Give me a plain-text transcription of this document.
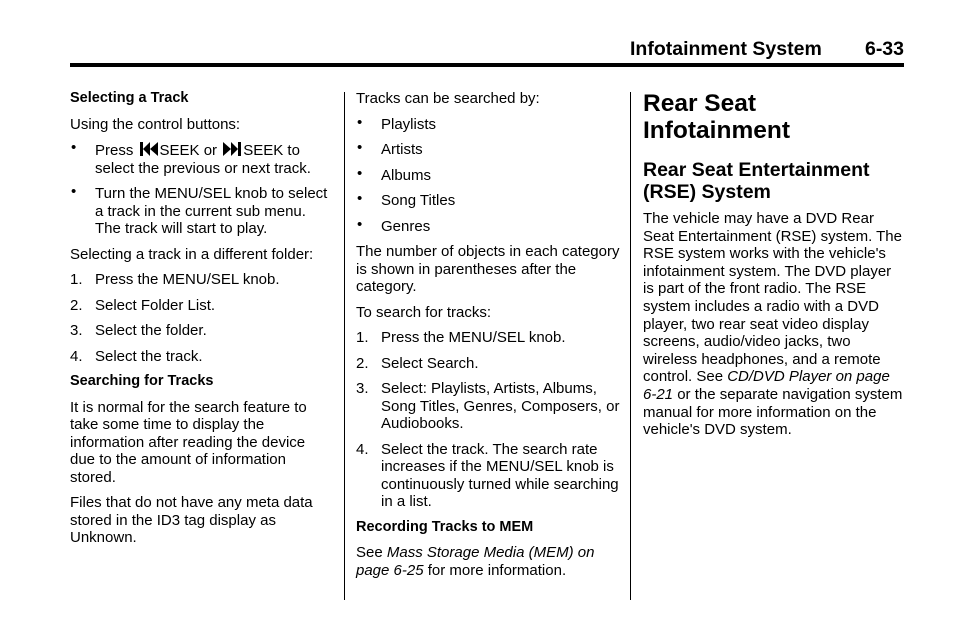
Infotainment System 6-33
Selecting a Track

Using the control buttons:

• Press SEEK or SEEK to select the previous or next track.
• Turn the MENU/SEL knob to select a track in the current sub menu. The track will start to play.

Selecting a track in a different folder:

1. Press the MENU/SEL knob.
2. Select Folder List.
3. Select the folder.
4. Select the track.
Searching for Tracks

It is normal for the search feature to take some time to display the information after reading the device due to the amount of information stored.

Files that do not have any meta data stored in the ID3 tag display as Unknown.

Tracks can be searched by:

• Playlists
• Artists
• Albums
• Song Titles
• Genres

The number of objects in each category is shown in parentheses after the category.

To search for tracks:

1. Press the MENU/SEL knob.
2. Select Search.
3. Select: Playlists, Artists, Albums, Song Titles, Genres, Composers, or Audiobooks.
4. Select the track. The search rate increases if the MENU/SEL knob is continuously turned while searching in a list.
Recording Tracks to MEM

See Mass Storage Media (MEM) on page 6-25 for more information.

Rear Seat Infotainment
Rear Seat Entertainment (RSE) System

The vehicle may have a DVD Rear Seat Entertainment (RSE) system. The RSE system works with the vehicle's infotainment system. The DVD player is part of the front radio. The RSE system includes a radio with a DVD player, two rear seat video display screens, audio/video jacks, two wireless headphones, and a remote control. See CD/DVD Player on page 6-21 or the separate navigation system manual for more information on the vehicle's DVD system.
